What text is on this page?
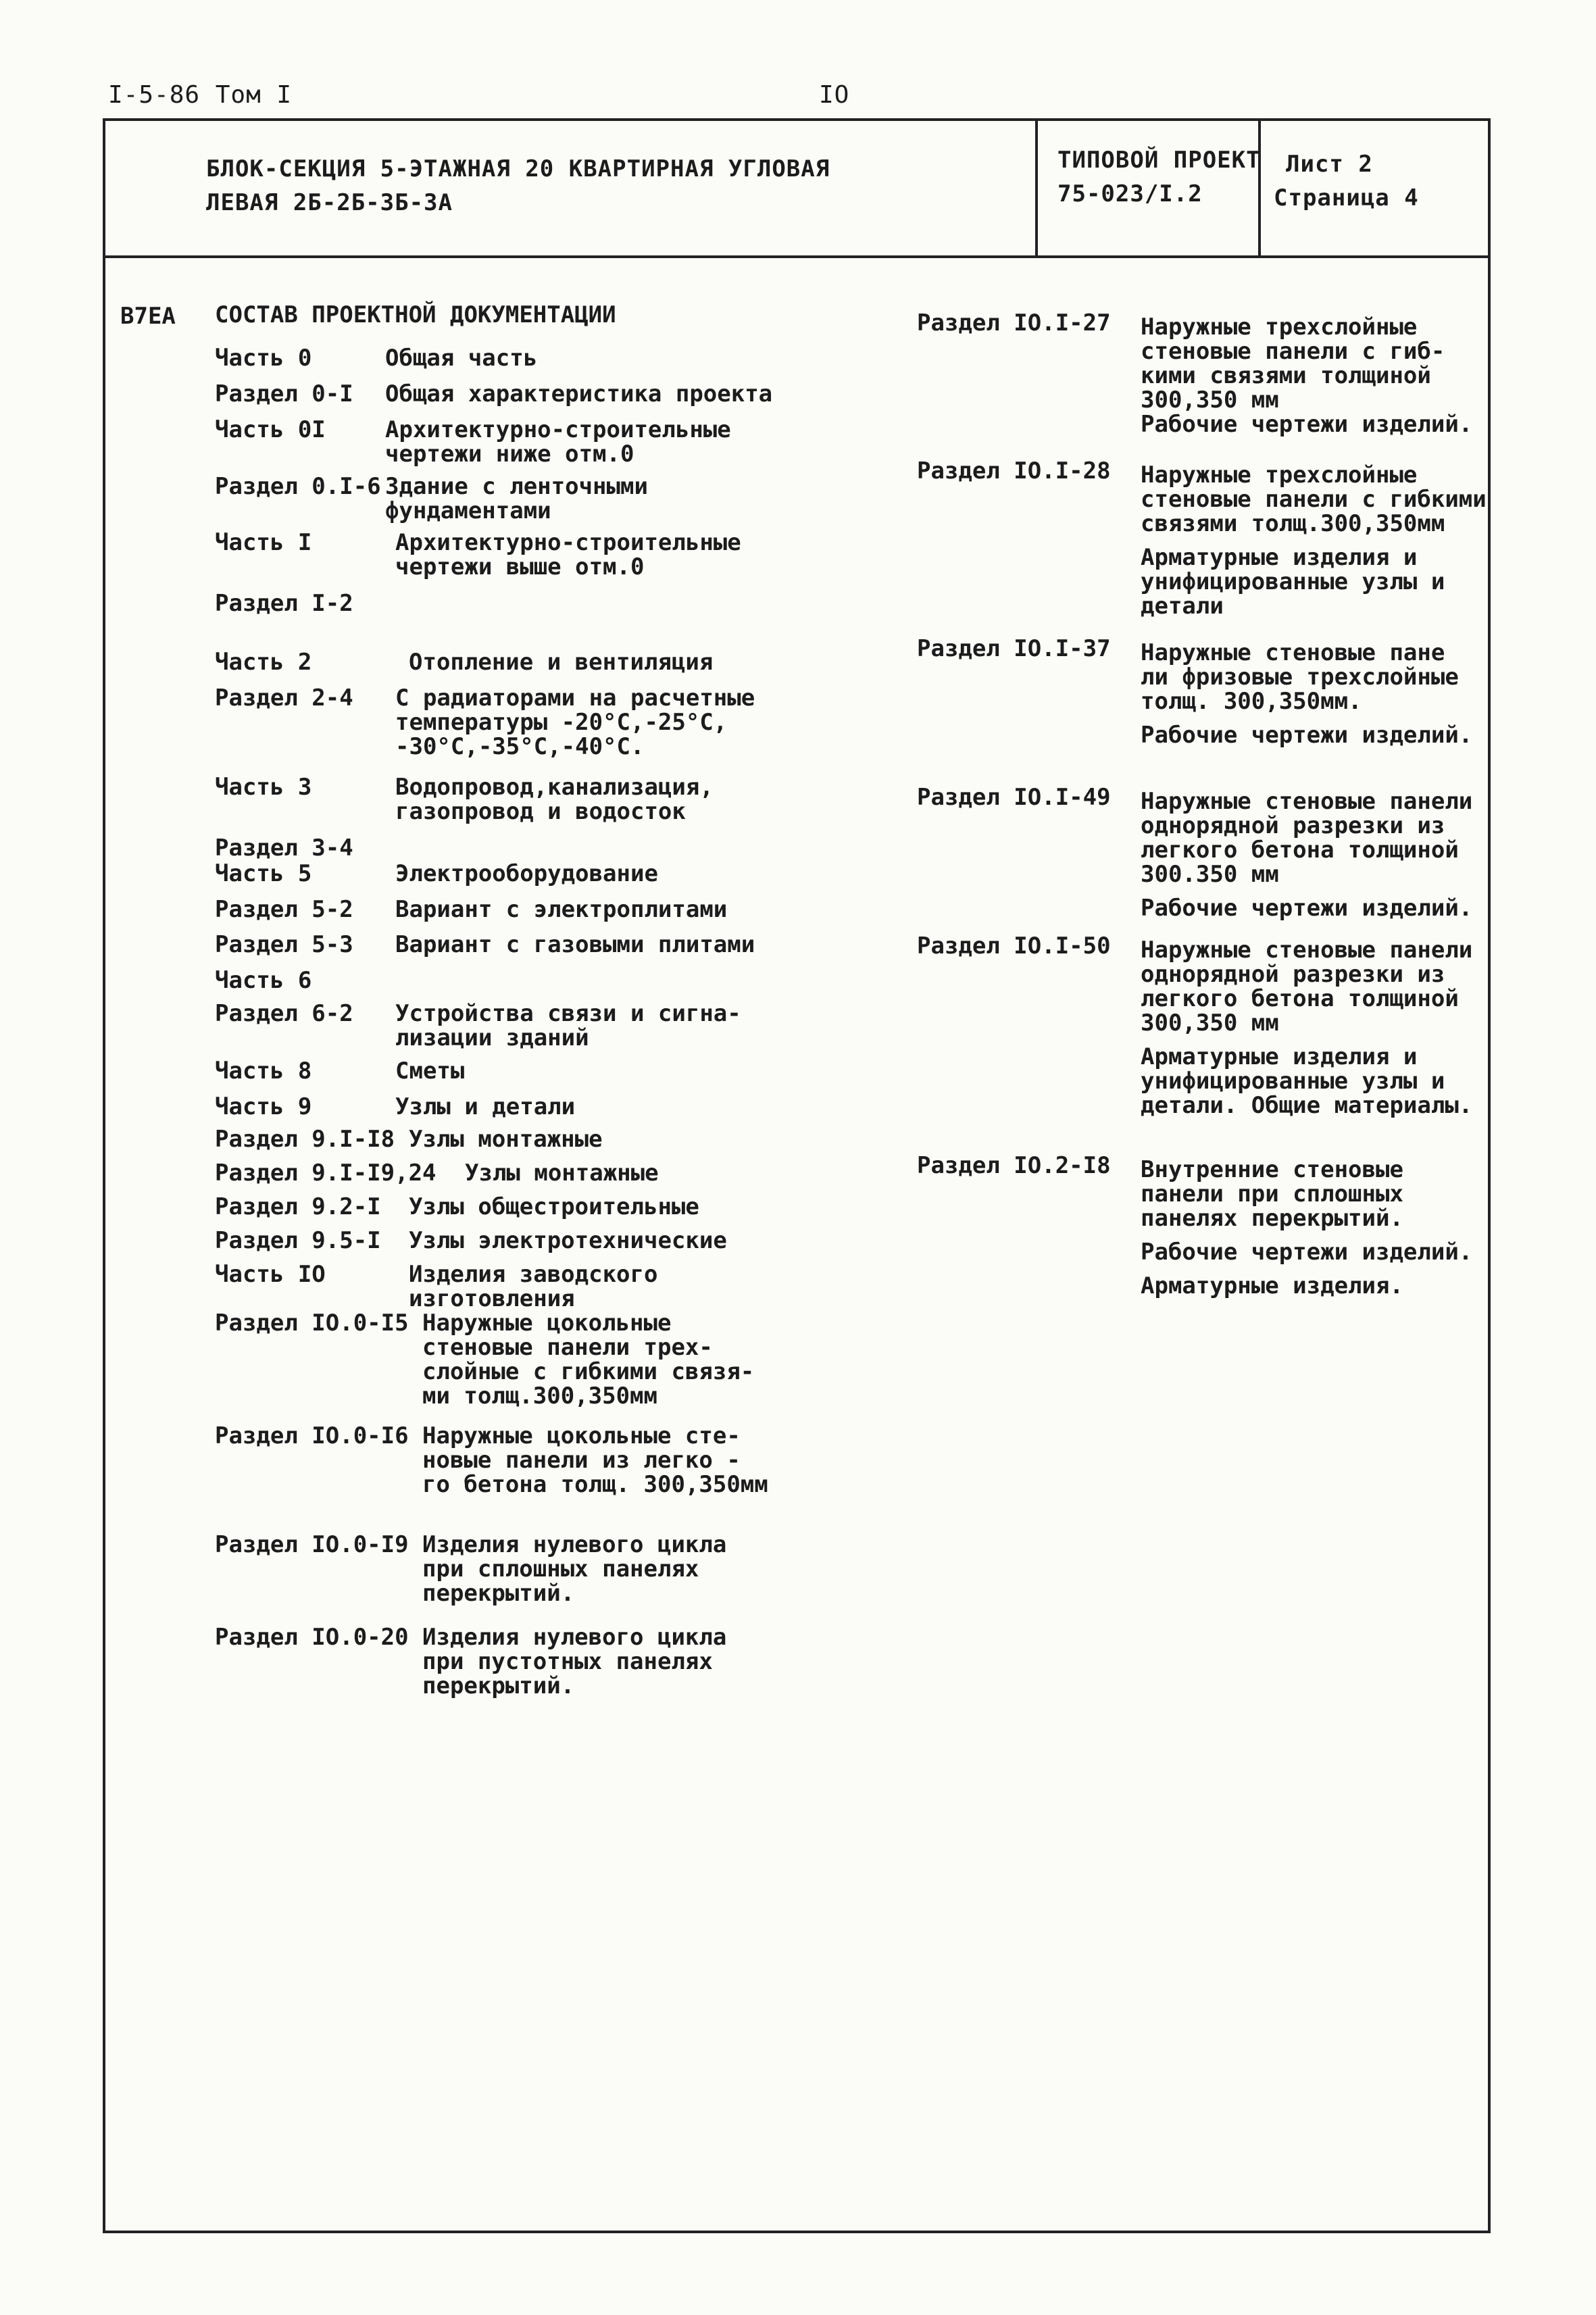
I-5-86 Том I	IO
БЛОК-СЕКЦИЯ 5-ЭТАЖНАЯ 20 КВАРТИРНАЯ УГЛОВАЯ
ЛЕВАЯ 2Б-2Б-3Б-3А
ТИПОВОЙ ПРОЕКТ
75-023/I.2
Лист 2
Страница 4
В7ЕА СОСТАВ ПРОЕКТНОЙ ДОКУМЕНТАЦИИ
Часть 0	Общая часть
Раздел 0-I Общая характеристика проекта
Часть 0I	Архитектурно-строительные
чертежи ниже отм.0
Раздел 0.I-6 Здание с ленточными
фундаментами
Часть I	Архитектурно-строительные
чертежи выше отм.0
Раздел I-2
Часть 2	Отопление и вентиляция
Раздел 2-4 С радиаторами на расчетные
температуры -20°С,-25°С,
-30°С,-35°С,-40°С.
Часть 3	Водопровод,канализация,
газопровод и водосток
Раздел 3-4
Часть 5	Электрооборудование
Раздел 5-2 Вариант с электроплитами
Раздел 5-3 Вариант с газовыми плитами
Часть 6
Раздел 6-2 Устройства связи и сигна-
лизации зданий
Часть 8	Сметы
Часть 9	Узлы и детали
Раздел 9.I-I8 Узлы монтажные
Раздел 9.I-I9,24 Узлы монтажные
Раздел 9.2-I Узлы общестроительные
Раздел 9.5-I Узлы электротехнические
Часть IO	Изделия заводского
изготовления
Раздел IO.0-I5 Наружные цокольные
стеновые панели трех-
слойные с гибкими связя-
ми толщ.300,350мм
Раздел IO.0-I6 Наружные цокольные сте-
новые панели из легко -
го бетона толщ. 300,350мм
Раздел IO.0-I9 Изделия нулевого цикла
при сплошных панелях
перекрытий.
Раздел IO.0-20 Изделия нулевого цикла
при пустотных панелях
перекрытий.
Раздел IO.I-27 Наружные трехслойные
стеновые панели с гиб-
кими связями толщиной
300,350 мм
Рабочие чертежи изделий.
Раздел IO.I-28 Наружные трехслойные
стеновые панели с гибкими
связями толщ.300,350мм
Арматурные изделия и
унифицированные узлы и
детали
Раздел IO.I-37 Наружные стеновые пане
ли фризовые трехслойные
толщ. 300,350мм.
Рабочие чертежи изделий.
Раздел IO.I-49 Наружные стеновые панели
однорядной разрезки из
легкого бетона толщиной
300.350 мм
Рабочие чертежи изделий.
Раздел IO.I-50 Наружные стеновые панели
однорядной разрезки из
легкого бетона толщиной
300,350 мм
Арматурные изделия и
унифицированные узлы и
детали. Общие материалы.
Раздел IO.2-I8 Внутренние стеновые
панели при сплошных
панелях перекрытий.
Рабочие чертежи изделий.
Арматурные изделия.
